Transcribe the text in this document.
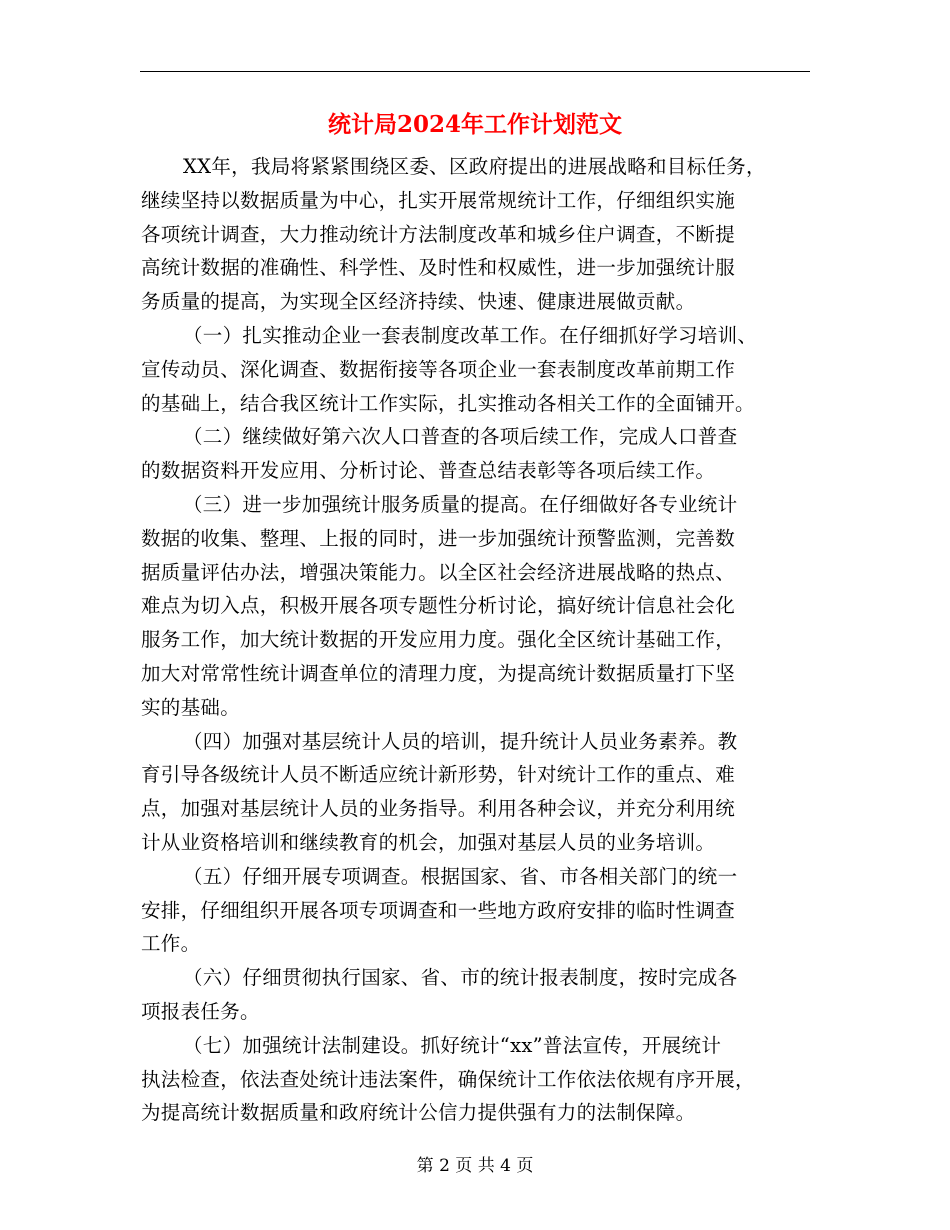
统计局2024年工作计划范文
XX年，我局将紧紧围绕区委、区政府提出的进展战略和目标任务，
继续坚持以数据质量为中心，扎实开展常规统计工作，仔细组织实施
各项统计调查，大力推动统计方法制度改革和城乡住户调查，不断提
高统计数据的准确性、科学性、及时性和权威性，进一步加强统计服
务质量的提高，为实现全区经济持续、快速、健康进展做贡献。
（一）扎实推动企业一套表制度改革工作。在仔细抓好学习培训、
宣传动员、深化调查、数据衔接等各项企业一套表制度改革前期工作
的基础上，结合我区统计工作实际，扎实推动各相关工作的全面铺开。
（二）继续做好第六次人口普查的各项后续工作，完成人口普查
的数据资料开发应用、分析讨论、普查总结表彰等各项后续工作。
（三）进一步加强统计服务质量的提高。在仔细做好各专业统计
数据的收集、整理、上报的同时，进一步加强统计预警监测，完善数
据质量评估办法，增强决策能力。以全区社会经济进展战略的热点、
难点为切入点，积极开展各项专题性分析讨论，搞好统计信息社会化
服务工作，加大统计数据的开发应用力度。强化全区统计基础工作，
加大对常常性统计调查单位的清理力度，为提高统计数据质量打下坚
实的基础。
（四）加强对基层统计人员的培训，提升统计人员业务素养。教
育引导各级统计人员不断适应统计新形势，针对统计工作的重点、难
点，加强对基层统计人员的业务指导。利用各种会议，并充分利用统
计从业资格培训和继续教育的机会，加强对基层人员的业务培训。
（五）仔细开展专项调查。根据国家、省、市各相关部门的统一
安排，仔细组织开展各项专项调查和一些地方政府安排的临时性调查
工作。
（六）仔细贯彻执行国家、省、市的统计报表制度，按时完成各
项报表任务。
（七）加强统计法制建设。抓好统计“xx”普法宣传，开展统计
执法检查，依法查处统计违法案件，确保统计工作依法依规有序开展，
为提高统计数据质量和政府统计公信力提供强有力的法制保障。
第 2 页 共 4 页
